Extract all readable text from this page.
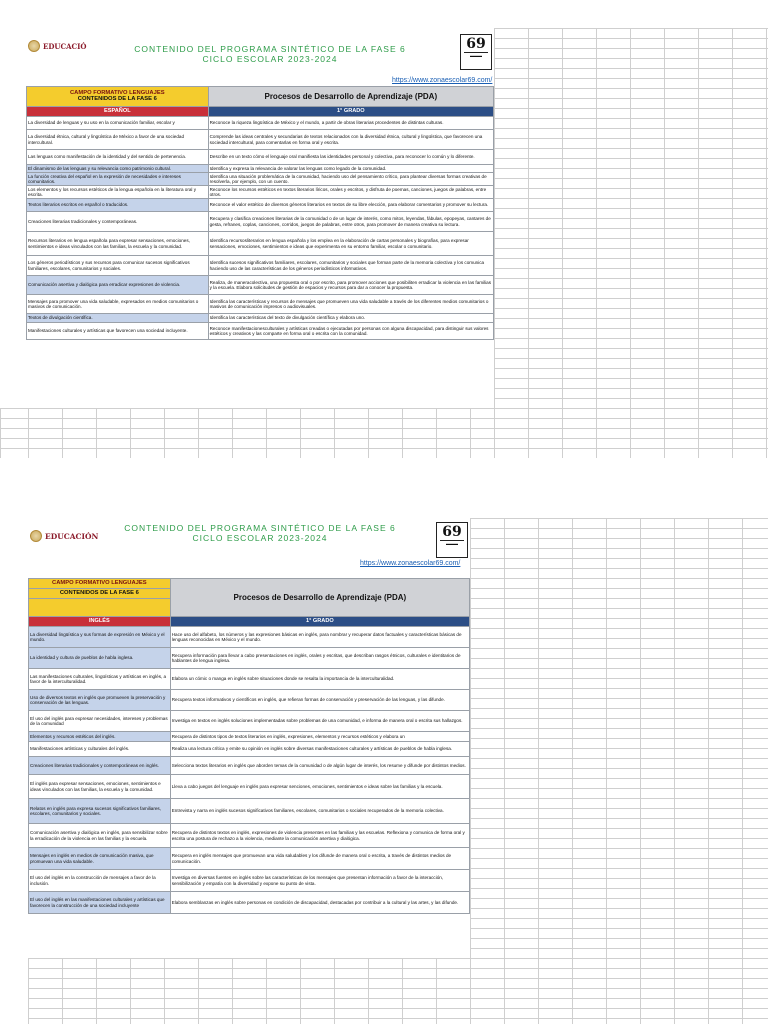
EDUCACIÓ	CONTENIDO DEL PROGRAMA SINTÉTICO DE LA FASE 6
CICLO ESCOLAR 2023-2024
69
▬▬▬
https://www.zonaescolar69.com/
CAMPO FORMATIVO LENGUAJES
CONTENIDOS DE LA FASE 6	Procesos de Desarrollo de Aprendizaje (PDA)
ESPAÑOL	1° GRADO
La diversidad de lenguas y su uso en la comunicación familiar, escolar y	Reconoce la riqueza lingüística de México y el mundo, a partir de obras literarias procedentes de distintas culturas.
La diversidad étnica, cultural y lingüística de México a favor de una sociedad intercultural.	Comprende las ideas centrales y secundarias de textos relacionados con la diversidad étnica, cultural y lingüística, que favorecen una sociedad intercultural, para comentarlas en forma oral y escrita.
Las lenguas como manifestación de la identidad y del sentido de pertenencia.	Describe en un texto cómo el lenguaje oral manifiesta las identidades personal y colectiva, para reconocer lo común y lo diferente.
El dinamismo de las lenguas y su relevancia como patrimonio cultural.	Identifica y expresa la relevancia de valorar las lenguas como legado de la comunidad.
La función creativa del español en la expresión de necesidades e intereses comunitarios.	Identifica una situación problemática de la comunidad, haciendo uso del pensamiento crítico, para plantear diversas formas creativas de resolverla, por ejemplo, con un cuento.
Los elementos y los recursos estéticos de la lengua española en la literatura oral y escrita.	Reconoce los recursos estéticos en textos literarios líricos, orales y escritos, y disfruta de poemas, canciones, juegos de palabras, entre otros.
Textos literarios escritos en español o traducidos.	Reconoce el valor estético de diversos géneros literarios en textos de su libre elección, para elaborar comentarios y promover su lectura.
Creaciones literarias tradicionales y contemporáneas.	Recupera y clasifica creaciones literarias de la comunidad o de un lugar de interés, como mitos, leyendas, fábulas, epopeyas, cantares de gesta, refranes, coplas, canciones, corridos, juegos de palabras, entre otros, para promover de manera creativa su lectura.
Recursos literarios en lengua española para expresar sensaciones, emociones, sentimientos e ideas vinculados con las familias, la escuela y la comunidad.	Identifica recursosliterarios en lengua española y los emplea en la elaboración de cartas personales y biografías, para expresar sensaciones, emociones, sentimientos e ideas que experimenta en su entorno familiar, escolar o comunitario.
Los géneros periodísticos y sus recursos para comunicar sucesos significativos familiares, escolares, comunitarios y sociales.	Identifica sucesos significativos familiares, escolares, comunitarios y sociales que forman parte de la memoria colectiva y los comunica haciendo uso de las características de los géneros periodísticos informativos.
Comunicación asertiva y dialógica para erradicar expresiones de violencia.	Realiza, de maneracolectiva, una propuesta oral o por escrito, para promover acciones que posibiliten erradicar la violencia en las familias y la escuela. Elabora solicitudes de gestión de espacios y recursos para dar a conocer la propuesta.
Mensajes para promover una vida saludable, expresados en medios comunitarios o masivos de comunicación.	Identifica las características y recursos de mensajes que promueven una vida saludable a través de los diferentes medios comunitarios o masivos de comunicación impresos o audiovisuales.
Textos de divulgación científica.	Identifica las características del texto de divulgación científica y elabora uno.
Manifestaciones culturales y artísticas que favorecen una sociedad incluyente.	Reconoce manifestacionesculturales y artísticas creadas o ejecutadas por personas con alguna discapacidad, para distinguir sus valores estéticos y creativos y las comparte en forma oral o escrita con la comunidad.
EDUCACIÓN
CONTENIDO DEL PROGRAMA SINTÉTICO DE LA FASE 6
CICLO ESCOLAR 2023-2024	69
▬▬▬
https://www.zonaescolar69.com/
CAMPO FORMATIVO LENGUAJES	Procesos de Desarrollo de Aprendizaje (PDA)
CONTENIDOS DE LA FASE 6	

INGLÉS	1° GRADO
La diversidad lingüística y sus formas de expresión en México y el mundo.	Hace uso del alfabeto, los números y las expresiones básicas en inglés, para nombrar y recuperar datos factuales y características básicas de lenguas reconocidas en México y el mundo.
La identidad y cultura de pueblos de habla inglesa.	Recupera información para llevar a cabo presentaciones en inglés, orales y escritas, que describan rasgos étnicos, culturales e identitarios de hablantes de lengua inglesa.
Las manifestaciones culturales, lingüísticas y artísticas en inglés, a favor de la interculturalidad.	Elabora un cómic o manga en inglés sobre situaciones donde se resalta la importancia de la interculturalidad.
Uso de diversos textos en inglés que promueven la preservación y conservación de las lenguas.	Recupera textos informativos y científicos en inglés, que refieran formas de conservación y preservación de las lenguas, y las difunde.
El uso del inglés para expresar necesidades, intereses y problemas de la comunidad	Investiga en textos en inglés soluciones implementadas sobre problemas de una comunidad, e informa de manera oral o escrita sus hallazgos.
Elementos y recursos estéticos del inglés.	Recupera de distintos tipos de textos literarios en inglés, expresiones, elementos y recursos estéticos y elabora un
Manifestaciones artísticas y culturales del inglés.	Realiza una lectura crítica y emite su opinión en inglés sobre diversas manifestaciones culturales y artísticas de pueblos de habla inglesa.
Creaciones literarias tradicionales y contemporáneas en inglés.	Selecciona textos literarios en inglés que aborden temas de la comunidad o de algún lugar de interés, los resume y difunde por distintos medios.
El inglés para expresar sensaciones, emociones, sentimientos e ideas vinculados con las familias, la escuela y la comunidad.	Lleva a cabo juegos del lenguaje en inglés para expresar senciones, emociones, sentimientos e ideas sobre las familias y la escuela.
Relatos en inglés para expresa sucesos significativos familiares, escolares, comunitarios y sociales.	Entrevista y narra en inglés sucesos significativos familiares, escolares, comunitarios o sociales recuperados de la memoria colectiva.
Comunicación asertiva y dialógica en inglés, para sensibilizar sobre la erradicación de la violencia en las familias y la escuela.	Recupera de distintos textos en inglés, expresiones de violencia presentes en las familias y las escuelas. Reflexiona y comunica de forma oral y escrita una postura de rechazo a la violencia, mediante la comunicación asertiva y dialógica.
Mensajes en inglés en medios de comunicación masiva, que promuevan una vida saludable.	Recupera en inglés mensajes que promuevan una vida saludables y los difunde de manera oral o escrita, a través de distintos medios de comunicación.
El uso del inglés en la construcción de mensajes a favor de la inclusión.	Investiga en diversas fuentes en inglés sobre las características de los mensajes que presentan información a favor de la interacción, sensibilización y empatía con la diversidad y expone su punto de vista.
El uso del inglés en las manifestaciones culturales y artísticas que favorecen la construcción de una sociedad incluyente	Elabora semblanzas en inglés sobre personas en condición de discapacidad, destacadas por contribuir a la cultural y las artes, y las difunde.
